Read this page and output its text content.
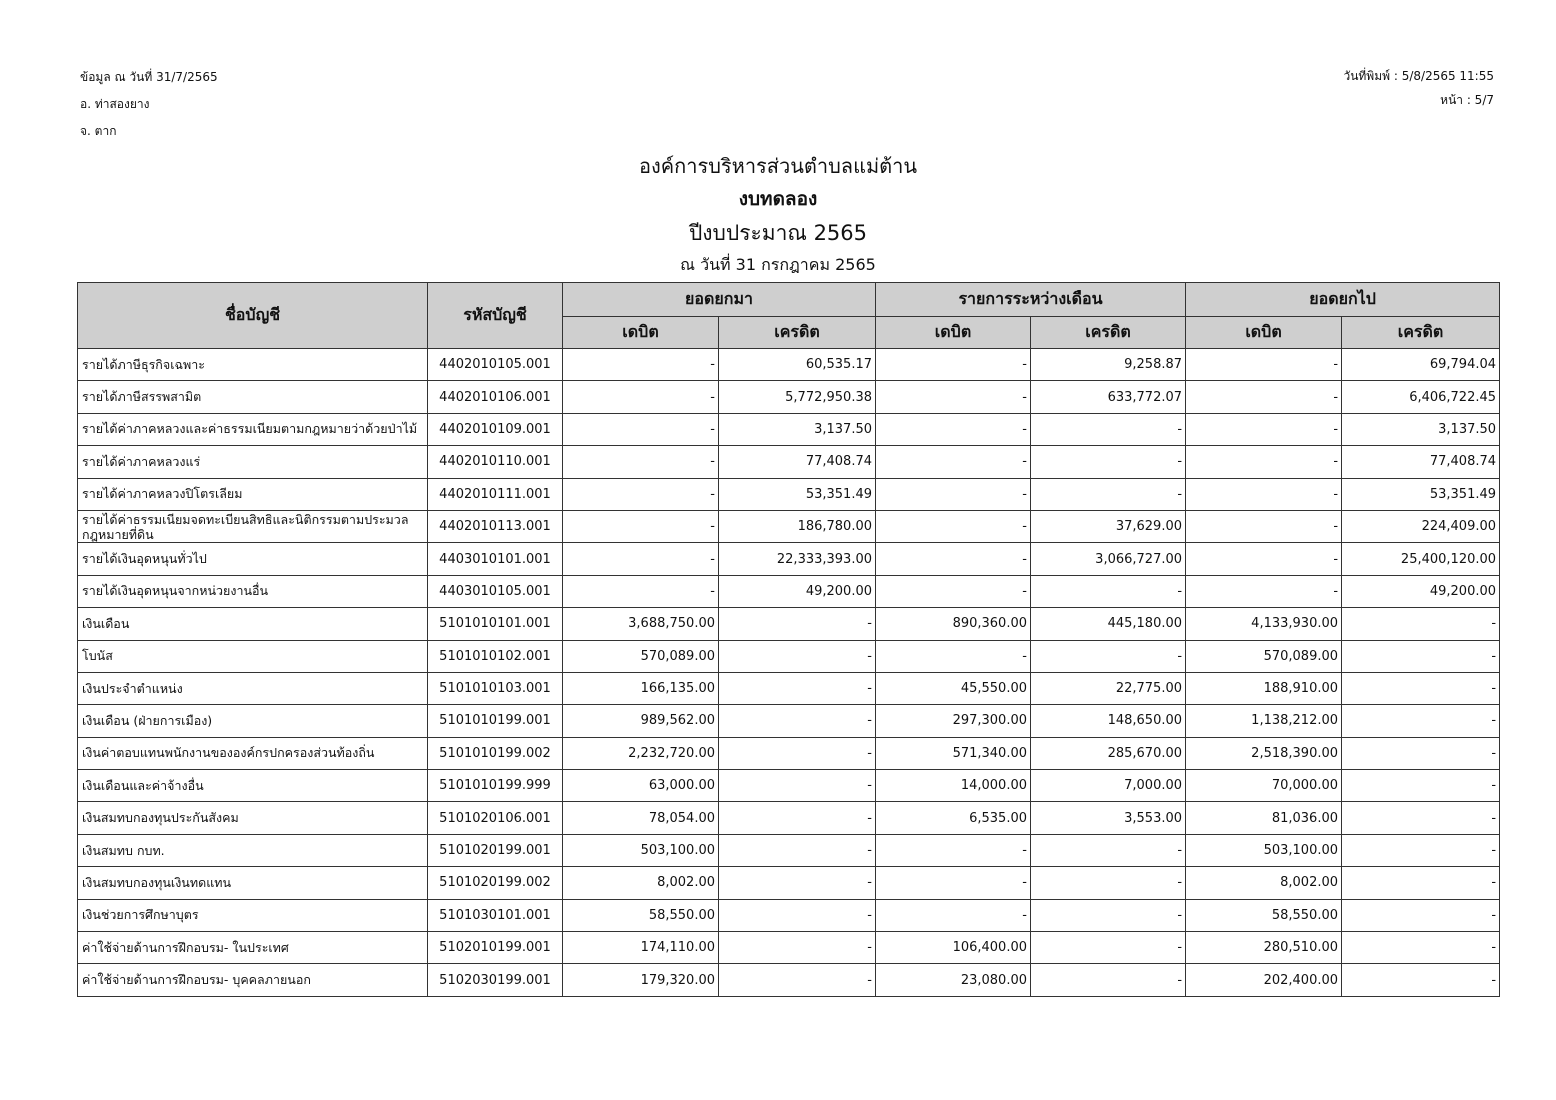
ข้อมูล ณ วันที่ 31/7/2565
อ. ท่าสองยาง
จ. ตาก
วันที่พิมพ์ : 5/8/2565 11:55
หน้า : 5/7
องค์การบริหารส่วนตำบลแม่ต้าน
งบทดลอง
ปีงบประมาณ 2565
ณ วันที่ 31 กรกฎาคม 2565
ชื่อบัญชี	รหัสบัญชี	ยอดยกมา		รายการระหว่างเดือน		ยอดยกไป	
		เดบิต	เครดิต	เดบิต	เครดิต	เดบิต	เครดิต
รายได้ภาษีธุรกิจเฉพาะ	4402010105.001	-	60,535.17	-	9,258.87	-	69,794.04
รายได้ภาษีสรรพสามิต	4402010106.001	-	5,772,950.38	-	633,772.07	-	6,406,722.45
รายได้ค่าภาคหลวงและค่าธรรมเนียมตามกฎหมายว่าด้วยป่าไม้	4402010109.001	-	3,137.50	-	-	-	3,137.50
รายได้ค่าภาคหลวงแร่	4402010110.001	-	77,408.74	-	-	-	77,408.74
รายได้ค่าภาคหลวงปิโตรเลียม	4402010111.001	-	53,351.49	-	-	-	53,351.49
รายได้ค่าธรรมเนียมจดทะเบียนสิทธิและนิติกรรมตามประมวลกฎหมายที่ดิน	4402010113.001	-	186,780.00	-	37,629.00	-	224,409.00
รายได้เงินอุดหนุนทั่วไป	4403010101.001	-	22,333,393.00	-	3,066,727.00	-	25,400,120.00
รายได้เงินอุดหนุนจากหน่วยงานอื่น	4403010105.001	-	49,200.00	-	-	-	49,200.00
เงินเดือน	5101010101.001	3,688,750.00	-	890,360.00	445,180.00	4,133,930.00	-
โบนัส	5101010102.001	570,089.00	-	-	-	570,089.00	-
เงินประจำตำแหน่ง	5101010103.001	166,135.00	-	45,550.00	22,775.00	188,910.00	-
เงินเดือน (ฝ่ายการเมือง)	5101010199.001	989,562.00	-	297,300.00	148,650.00	1,138,212.00	-
เงินค่าตอบแทนพนักงานขององค์กรปกครองส่วนท้องถิ่น	5101010199.002	2,232,720.00	-	571,340.00	285,670.00	2,518,390.00	-
เงินเดือนและค่าจ้างอื่น	5101010199.999	63,000.00	-	14,000.00	7,000.00	70,000.00	-
เงินสมทบกองทุนประกันสังคม	5101020106.001	78,054.00	-	6,535.00	3,553.00	81,036.00	-
เงินสมทบ กบท.	5101020199.001	503,100.00	-	-	-	503,100.00	-
เงินสมทบกองทุนเงินทดแทน	5101020199.002	8,002.00	-	-	-	8,002.00	-
เงินช่วยการศึกษาบุตร	5101030101.001	58,550.00	-	-	-	58,550.00	-
ค่าใช้จ่ายด้านการฝึกอบรม- ในประเทศ	5102010199.001	174,110.00	-	106,400.00	-	280,510.00	-
ค่าใช้จ่ายด้านการฝึกอบรม- บุคคลภายนอก	5102030199.001	179,320.00	-	23,080.00	-	202,400.00	-
